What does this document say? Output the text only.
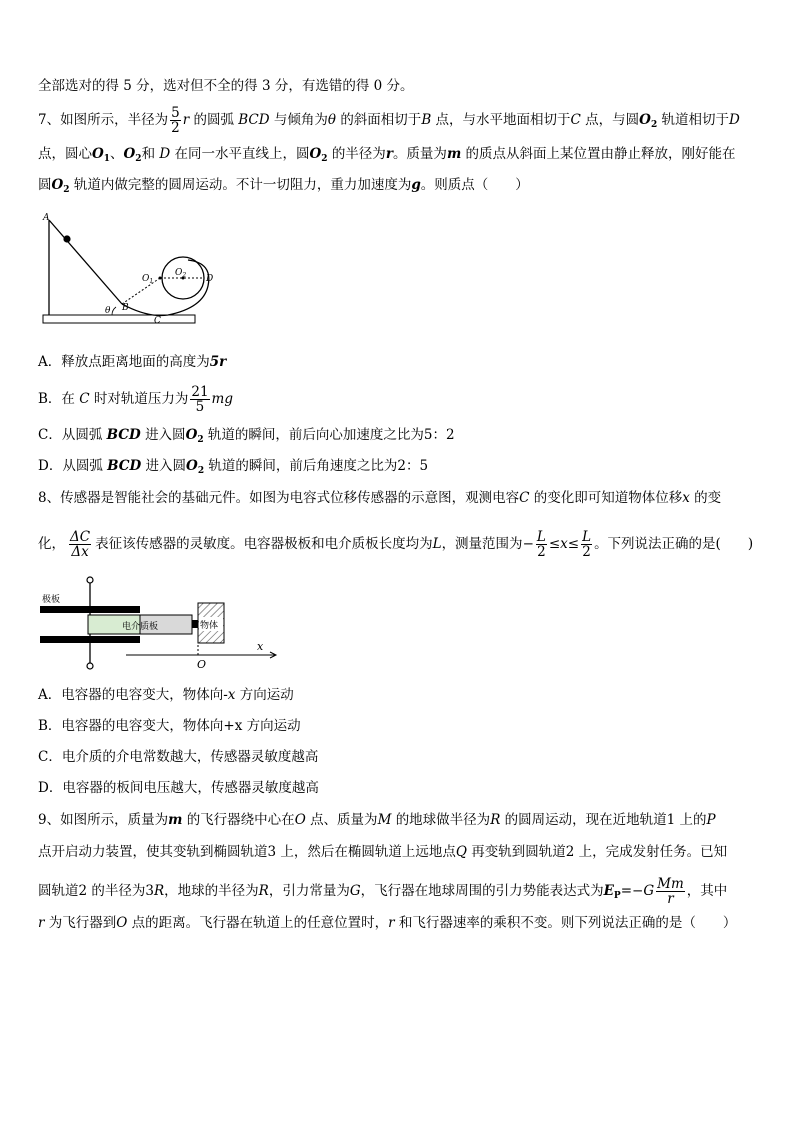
全部选对的得 5 分，选对但不全的得 3 分，有选错的得 0 分。
7、如图所示，半径为 $\frac{5}{2}$ r 的圆弧 BCD 与倾角为θ 的斜面相切于B 点，与水平地面相切于C 点，与圆$O_2$ 轨道相切于D
点，圆心$O_1$、$O_2$和 D 在同一水平直线上，圆$O_2$ 的半径为r。质量为m 的质点从斜面上某位置由静止释放，刚好能在
圆$O_2$ 轨道内做完整的圆周运动。不计一切阻力，重力加速度为g。则质点（　　）
A
$O_1$
$O_2$ D
B
θ
C
A．释放点距离地面的高度为5r
B．在 C 时对轨道压力为 $\frac{21}{5}$ mg
C．从圆弧 BCD 进入圆$O_2$ 轨道的瞬间，前后向心加速度之比为5：2
D．从圆弧 BCD 进入圆$O_2$ 轨道的瞬间，前后角速度之比为2：5
8、传感器是智能社会的基础元件。如图为电容式位移传感器的示意图，观测电容C 的变化即可知道物体位移x 的变
化， $\frac{\Delta C}{\Delta x}$ 表征该传感器的灵敏度。电容器极板和电介质板长度均为L，测量范围为− $\frac{L}{2} \le x\le \frac{L}{2}$ 。下列说法正确的是(　　)
极板
电介质板	物体
x
O
A．电容器的电容变大，物体向-x 方向运动
B．电容器的电容变大，物体向+x 方向运动
C．电介质的介电常数越大，传感器灵敏度越高
D．电容器的板间电压越大，传感器灵敏度越高
9、如图所示，质量为m 的飞行器绕中心在O 点、质量为M 的地球做半径为R 的圆周运动，现在近地轨道1 上的P
点开启动力装置，使其变轨到椭圆轨道3 上，然后在椭圆轨道上远地点Q 再变轨到圆轨道2 上，完成发射任务。已知
圆轨道2 的半径为3R，地球的半径为R，引力常量为G，飞行器在地球周围的引力势能表达式为$E_P=-G \frac{Mm}{r}$ ，其中
r 为飞行器到O 点的距离。飞行器在轨道上的任意位置时，r 和飞行器速率的乘积不变。则下列说法正确的是（　　）
